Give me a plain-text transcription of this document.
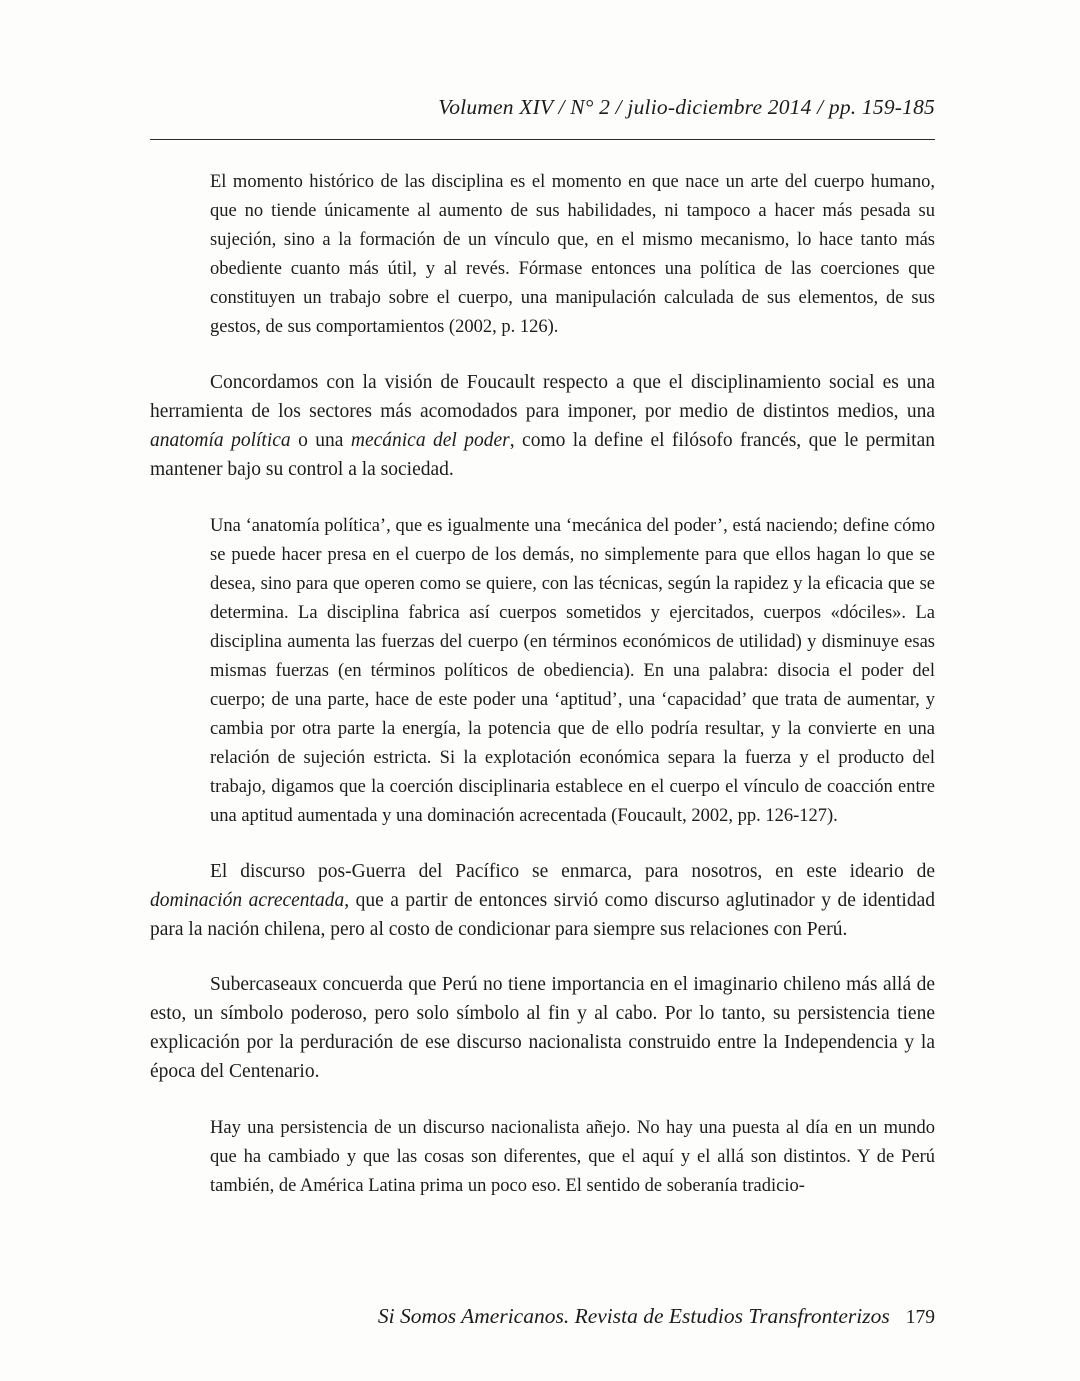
Volumen XIV / N° 2 / julio-diciembre 2014 / pp. 159-185
El momento histórico de las disciplina es el momento en que nace un arte del cuerpo humano, que no tiende únicamente al aumento de sus habilidades, ni tampoco a hacer más pesada su sujeción, sino a la formación de un vínculo que, en el mismo mecanismo, lo hace tanto más obediente cuanto más útil, y al revés. Fórmase entonces una política de las coerciones que constituyen un trabajo sobre el cuerpo, una manipulación calculada de sus elementos, de sus gestos, de sus comportamientos (2002, p. 126).

Concordamos con la visión de Foucault respecto a que el disciplinamiento social es una herramienta de los sectores más acomodados para imponer, por medio de distintos medios, una anatomía política o una mecánica del poder, como la define el filósofo francés, que le permitan mantener bajo su control a la sociedad.

Una ‘anatomía política’, que es igualmente una ‘mecánica del poder’, está naciendo; define cómo se puede hacer presa en el cuerpo de los demás, no simplemente para que ellos hagan lo que se desea, sino para que operen como se quiere, con las técnicas, según la rapidez y la eficacia que se determina. La disciplina fabrica así cuerpos sometidos y ejercitados, cuerpos «dóciles». La disciplina aumenta las fuerzas del cuerpo (en términos económicos de utilidad) y disminuye esas mismas fuerzas (en términos políticos de obediencia). En una palabra: disocia el poder del cuerpo; de una parte, hace de este poder una ‘aptitud’, una ‘capacidad’ que trata de aumentar, y cambia por otra parte la energía, la potencia que de ello podría resultar, y la convierte en una relación de sujeción estricta. Si la explotación económica separa la fuerza y el producto del trabajo, digamos que la coerción disciplinaria establece en el cuerpo el vínculo de coacción entre una aptitud aumentada y una dominación acrecentada (Foucault, 2002, pp. 126-127).

El discurso pos-Guerra del Pacífico se enmarca, para nosotros, en este ideario de dominación acrecentada, que a partir de entonces sirvió como discurso aglutinador y de identidad para la nación chilena, pero al costo de condicionar para siempre sus relaciones con Perú.

Subercaseaux concuerda que Perú no tiene importancia en el imaginario chileno más allá de esto, un símbolo poderoso, pero solo símbolo al fin y al cabo. Por lo tanto, su persistencia tiene explicación por la perduración de ese discurso nacionalista construido entre la Independencia y la época del Centenario.

Hay una persistencia de un discurso nacionalista añejo. No hay una puesta al día en un mundo que ha cambiado y que las cosas son diferentes, que el aquí y el allá son distintos. Y de Perú también, de América Latina prima un poco eso. El sentido de soberanía tradicio-
Si Somos Americanos. Revista de Estudios Transfronterizos 179
